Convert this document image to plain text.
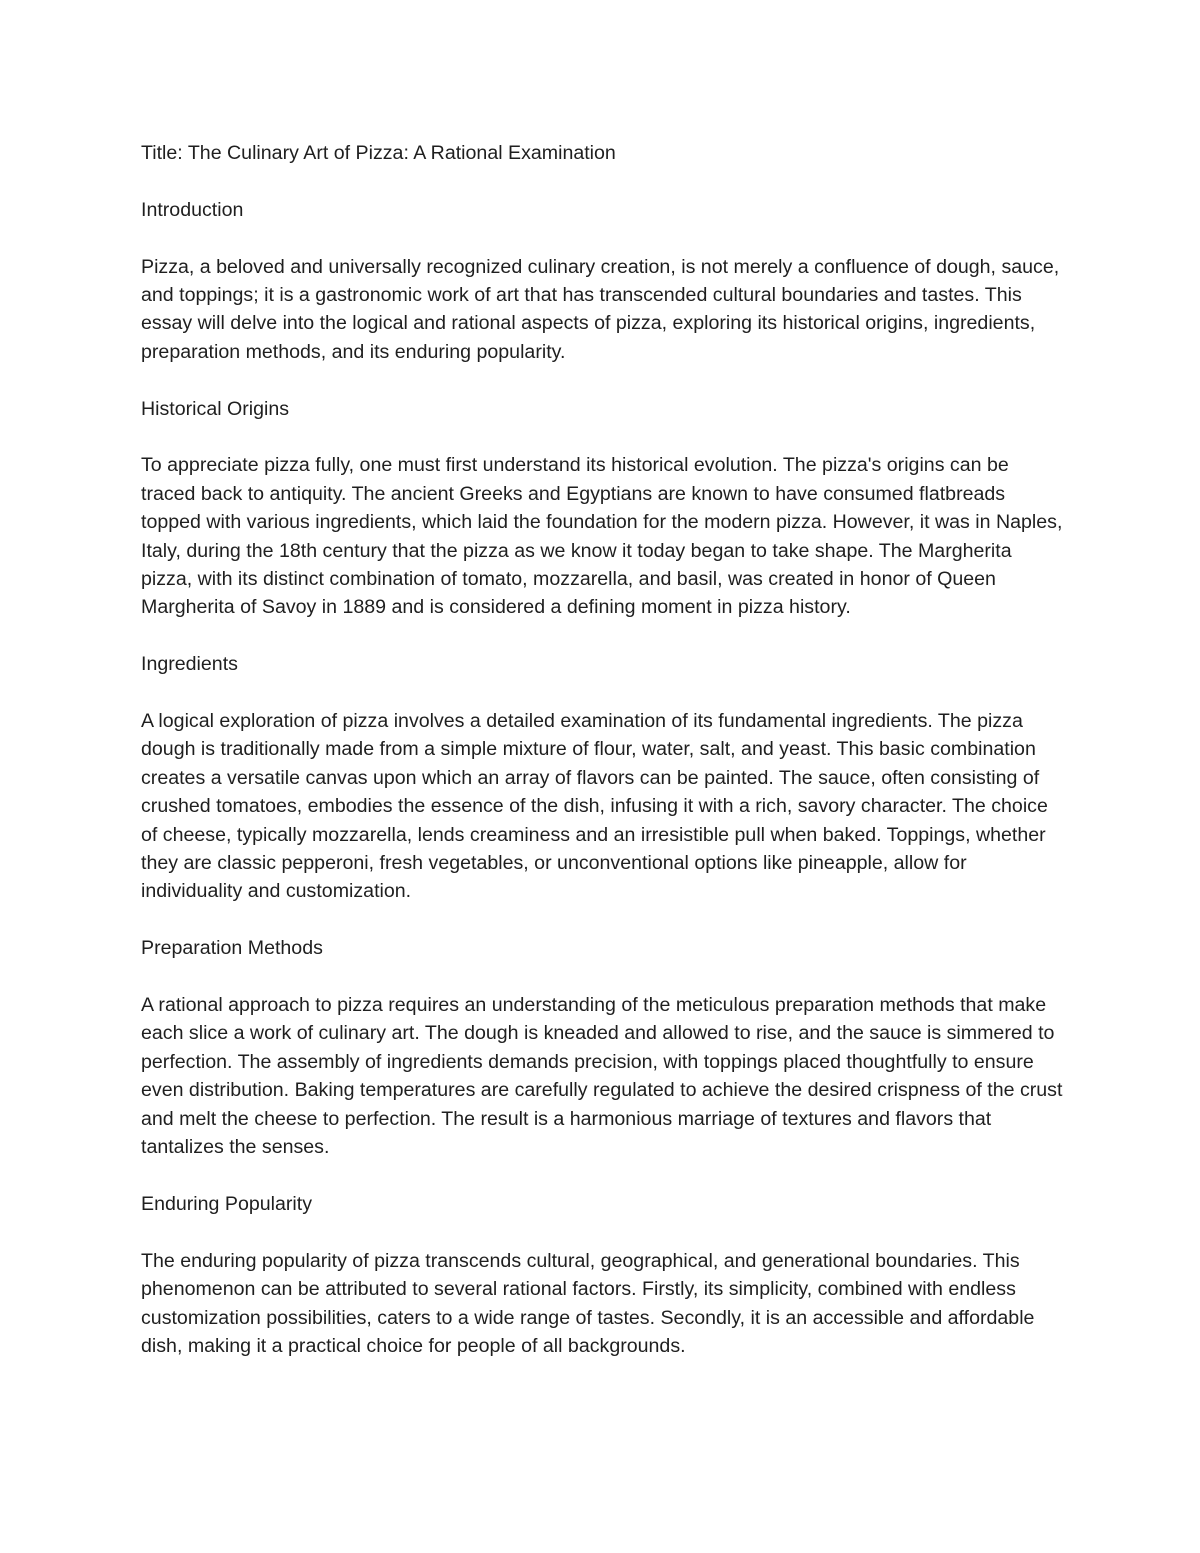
Title: The Culinary Art of Pizza: A Rational Examination

Introduction

Pizza, a beloved and universally recognized culinary creation, is not merely a confluence of dough, sauce, and toppings; it is a gastronomic work of art that has transcended cultural boundaries and tastes. This essay will delve into the logical and rational aspects of pizza, exploring its historical origins, ingredients, preparation methods, and its enduring popularity.

Historical Origins

To appreciate pizza fully, one must first understand its historical evolution. The pizza's origins can be traced back to antiquity. The ancient Greeks and Egyptians are known to have consumed flatbreads topped with various ingredients, which laid the foundation for the modern pizza. However, it was in Naples, Italy, during the 18th century that the pizza as we know it today began to take shape. The Margherita pizza, with its distinct combination of tomato, mozzarella, and basil, was created in honor of Queen Margherita of Savoy in 1889 and is considered a defining moment in pizza history.

Ingredients

A logical exploration of pizza involves a detailed examination of its fundamental ingredients. The pizza dough is traditionally made from a simple mixture of flour, water, salt, and yeast. This basic combination creates a versatile canvas upon which an array of flavors can be painted. The sauce, often consisting of crushed tomatoes, embodies the essence of the dish, infusing it with a rich, savory character. The choice of cheese, typically mozzarella, lends creaminess and an irresistible pull when baked. Toppings, whether they are classic pepperoni, fresh vegetables, or unconventional options like pineapple, allow for individuality and customization.

Preparation Methods

A rational approach to pizza requires an understanding of the meticulous preparation methods that make each slice a work of culinary art. The dough is kneaded and allowed to rise, and the sauce is simmered to perfection. The assembly of ingredients demands precision, with toppings placed thoughtfully to ensure even distribution. Baking temperatures are carefully regulated to achieve the desired crispness of the crust and melt the cheese to perfection. The result is a harmonious marriage of textures and flavors that tantalizes the senses.

Enduring Popularity

The enduring popularity of pizza transcends cultural, geographical, and generational boundaries. This phenomenon can be attributed to several rational factors. Firstly, its simplicity, combined with endless customization possibilities, caters to a wide range of tastes. Secondly, it is an accessible and affordable dish, making it a practical choice for people of all backgrounds.
